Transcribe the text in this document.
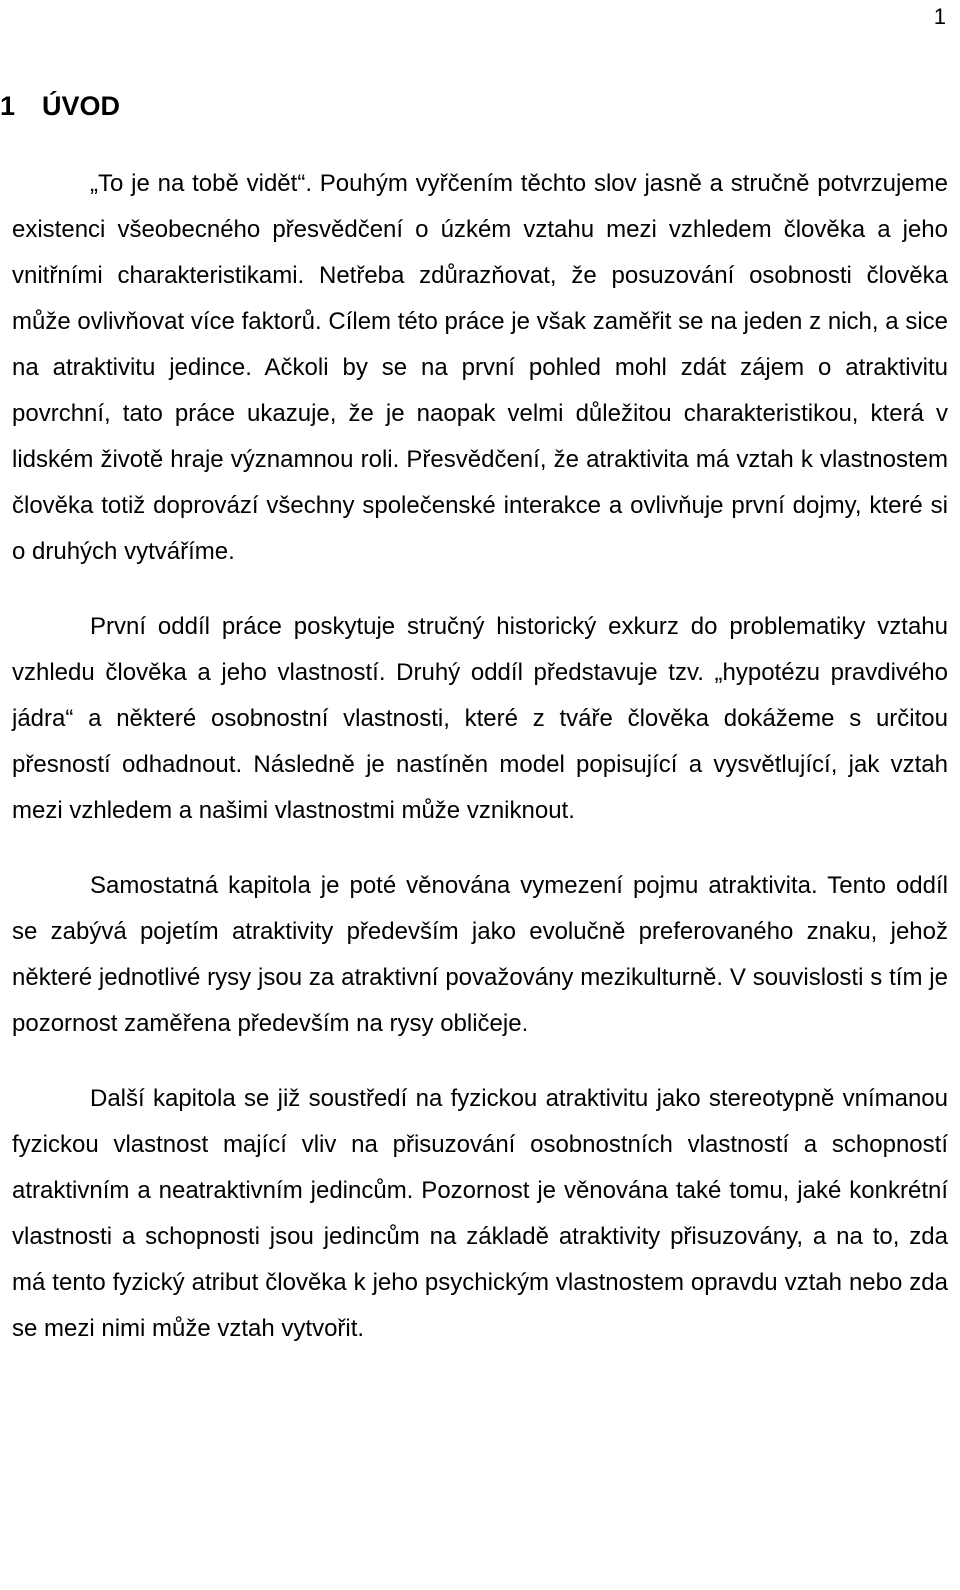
1
1 ÚVOD

„To je na tobě vidět“. Pouhým vyřčením těchto slov jasně a stručně potvrzujeme existenci všeobecného přesvědčení o úzkém vztahu mezi vzhledem člověka a jeho vnitřními charakteristikami. Netřeba zdůrazňovat, že posuzování osobnosti člověka může ovlivňovat více faktorů. Cílem této práce je však zaměřit se na jeden z nich, a sice na atraktivitu jedince. Ačkoli by se na první pohled mohl zdát zájem o atraktivitu povrchní, tato práce ukazuje, že je naopak velmi důležitou charakteristikou, která v lidském životě hraje významnou roli. Přesvědčení, že atraktivita má vztah k vlastnostem člověka totiž doprovází všechny společenské interakce a ovlivňuje první dojmy, které si o druhých vytváříme.

První oddíl práce poskytuje stručný historický exkurz do problematiky vztahu vzhledu člověka a jeho vlastností. Druhý oddíl představuje tzv. „hypotézu pravdivého jádra“ a některé osobnostní vlastnosti, které z tváře člověka dokážeme s určitou přesností odhadnout. Následně je nastíněn model popisující a vysvětlující, jak vztah mezi vzhledem a našimi vlastnostmi může vzniknout.

Samostatná kapitola je poté věnována vymezení pojmu atraktivita. Tento oddíl se zabývá pojetím atraktivity především jako evolučně preferovaného znaku, jehož některé jednotlivé rysy jsou za atraktivní považovány mezikulturně. V souvislosti s tím je pozornost zaměřena především na rysy obličeje.

Další kapitola se již soustředí na fyzickou atraktivitu jako stereotypně vnímanou fyzickou vlastnost mající vliv na přisuzování osobnostních vlastností a schopností atraktivním a neatraktivním jedincům. Pozornost je věnována také tomu, jaké konkrétní vlastnosti a schopnosti jsou jedincům na základě atraktivity přisuzovány, a na to, zda má tento fyzický atribut člověka k jeho psychickým vlastnostem opravdu vztah nebo zda se mezi nimi může vztah vytvořit.
